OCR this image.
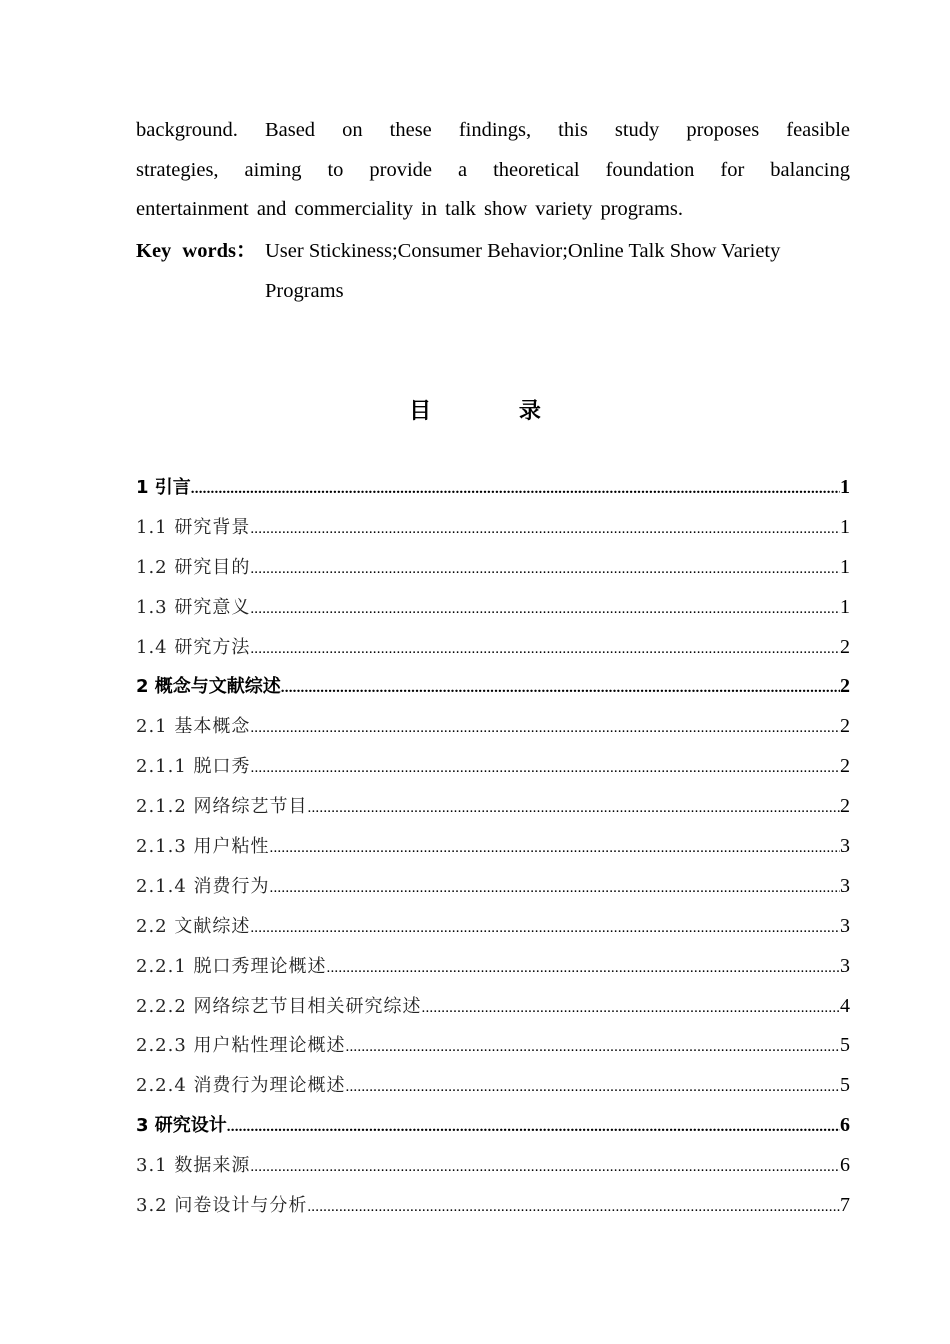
background. Based on these findings, this study proposes feasible
strategies, aiming to provide a theoretical foundation for balancing
entertainment and commerciality in talk show variety programs.
Key words： User Stickiness;Consumer Behavior;Online Talk Show Variety Programs
目 录
1 引言 .....	1
1.1 研究背景 .....	1
1.2 研究目的 .....	1
1.3 研究意义 .....	1
1.4 研究方法 .....	2
2 概念与文献综述 .....	2
2.1 基本概念 .....	2
2.1.1 脱口秀 .....	2
2.1.2 网络综艺节目 .....	2
2.1.3 用户粘性 .....	3
2.1.4 消费行为 .....	3
2.2 文献综述 .....	3
2.2.1 脱口秀理论概述 .....	3
2.2.2 网络综艺节目相关研究综述 .....	4
2.2.3 用户粘性理论概述 .....	5
2.2.4 消费行为理论概述 .....	5
3 研究设计 .....	6
3.1 数据来源 .....	6
3.2 问卷设计与分析 .....	7
